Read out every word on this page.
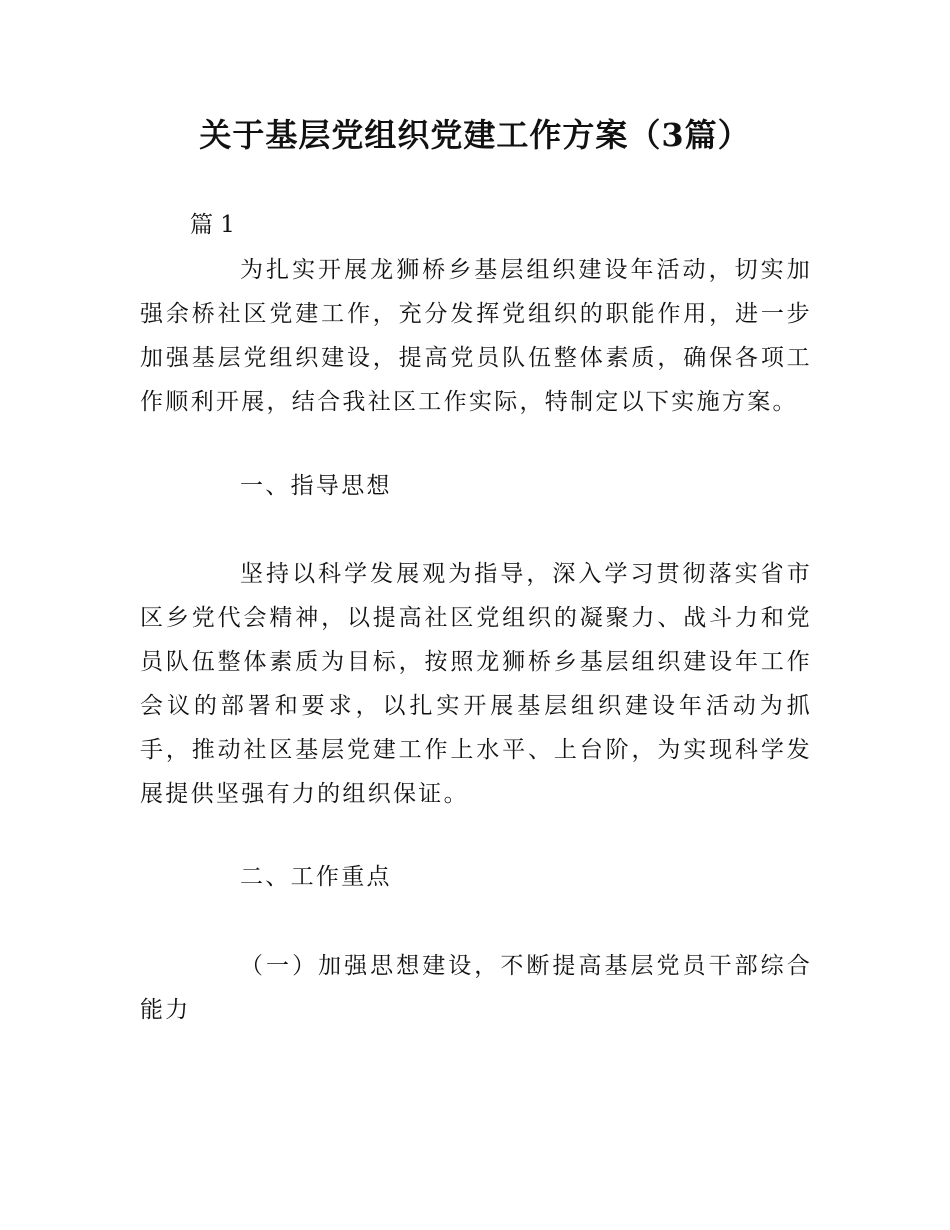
关于基层党组织党建工作方案（3篇）

篇 1

为扎实开展龙狮桥乡基层组织建设年活动，切实加强余桥社区党建工作，充分发挥党组织的职能作用，进一步加强基层党组织建设，提高党员队伍整体素质，确保各项工作顺利开展，结合我社区工作实际，特制定以下实施方案。

一、指导思想

坚持以科学发展观为指导，深入学习贯彻落实省市区乡党代会精神，以提高社区党组织的凝聚力、战斗力和党员队伍整体素质为目标，按照龙狮桥乡基层组织建设年工作会议的部署和要求，以扎实开展基层组织建设年活动为抓手，推动社区基层党建工作上水平、上台阶，为实现科学发展提供坚强有力的组织保证。

二、工作重点

（一）加强思想建设，不断提高基层党员干部综合能力
